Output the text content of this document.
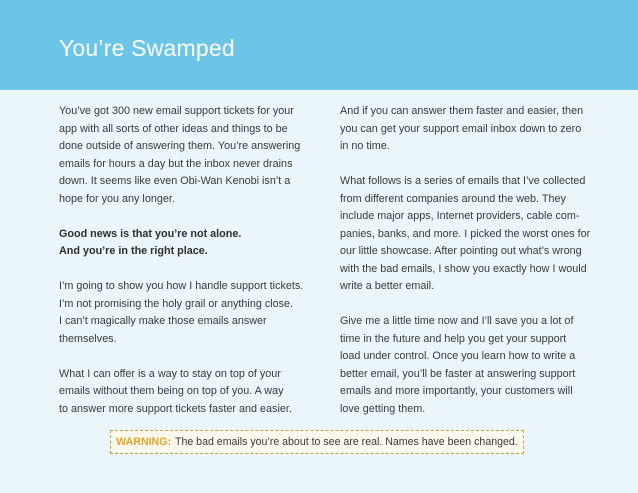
You’re Swamped

You’ve got 300 new email support tickets for your
app with all sorts of other ideas and things to be
done outside of answering them. You’re answering
emails for hours a day but the inbox never drains
down. It seems like even Obi-Wan Kenobi isn’t a
hope for you any longer.

Good news is that you’re not alone.
And you’re in the right place.

I’m going to show you how I handle support tickets.
I’m not promising the holy grail or anything close.
I can’t magically make those emails answer
themselves.

What I can offer is a way to stay on top of your
emails without them being on top of you. A way
to answer more support tickets faster and easier.

And if you can answer them faster and easier, then
you can get your support email inbox down to zero
in no time.

What follows is a series of emails that I’ve collected
from different companies around the web. They
include major apps, Internet providers, cable com-
panies, banks, and more. I picked the worst ones for
our little showcase. After pointing out what’s wrong
with the bad emails, I show you exactly how I would
write a better email.

Give me a little time now and I’ll save you a lot of
time in the future and help you get your support
load under control. Once you learn how to write a
better email, you’ll be faster at answering support
emails and more importantly, your customers will
love getting them.

WARNING: The bad emails you’re about to see are real. Names have been changed.
